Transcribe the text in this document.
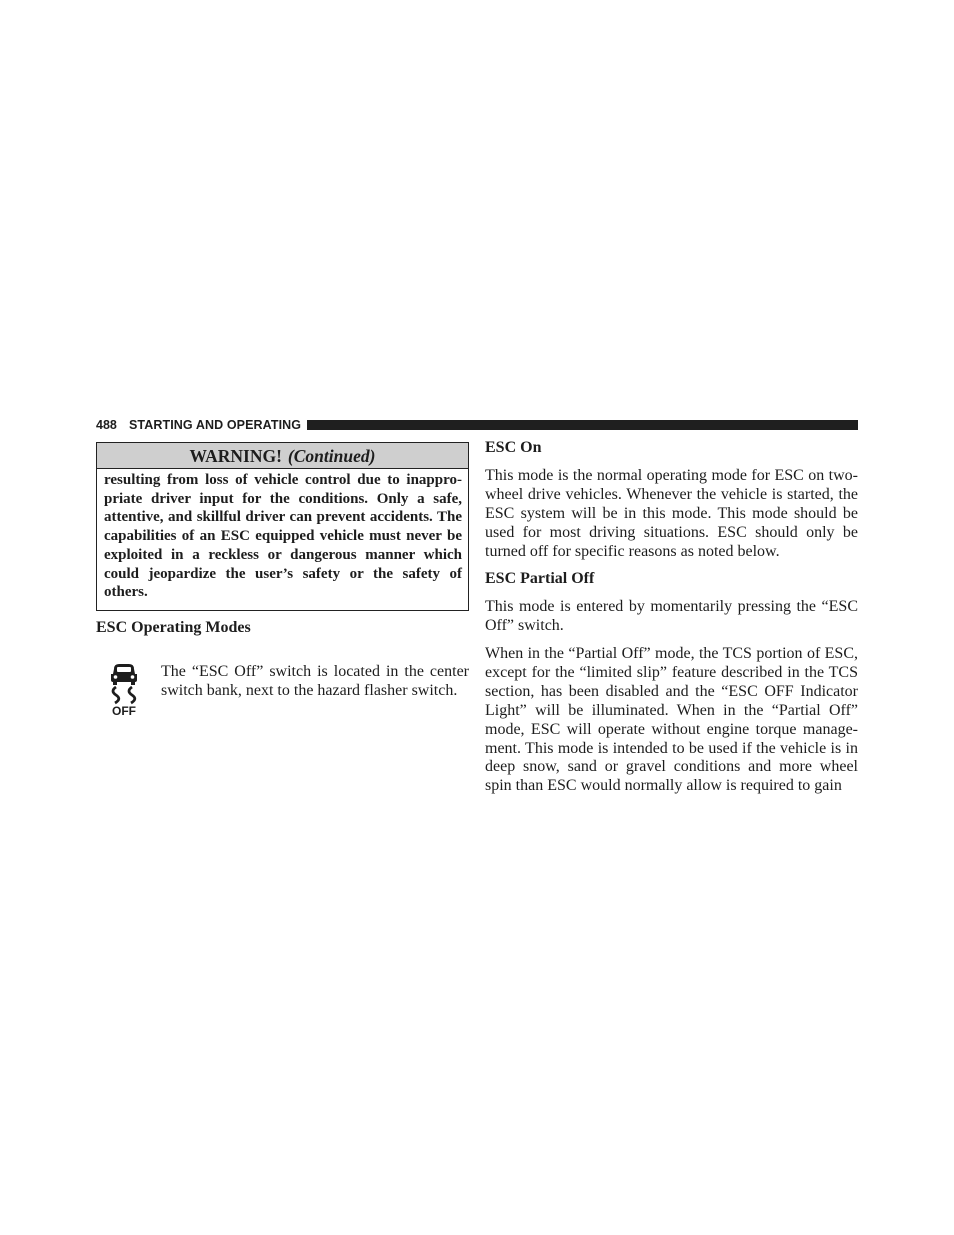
488 STARTING AND OPERATING
WARNING! (Continued)
resulting from loss of vehicle control due to inappro-priate driver input for the conditions. Only a safe, attentive, and skillful driver can prevent accidents. The capabilities of an ESC equipped vehicle must never be exploited in a reckless or dangerous manner which could jeopardize the user’s safety or the safety of others.
ESC Operating Modes
OFF
The “ESC Off” switch is located in the center switch bank, next to the hazard flasher switch.
ESC On
This mode is the normal operating mode for ESC on two-wheel drive vehicles. Whenever the vehicle is started, the ESC system will be in this mode. This mode should be used for most driving situations. ESC should only be turned off for specific reasons as noted below.
ESC Partial Off
This mode is entered by momentarily pressing the “ESC Off” switch.
When in the “Partial Off” mode, the TCS portion of ESC, except for the “limited slip” feature described in the TCS section, has been disabled and the “ESC OFF Indicator Light” will be illuminated. When in the “Partial Off” mode, ESC will operate without engine torque manage-ment. This mode is intended to be used if the vehicle is in deep snow, sand or gravel conditions and more wheel spin than ESC would normally allow is required to gain
